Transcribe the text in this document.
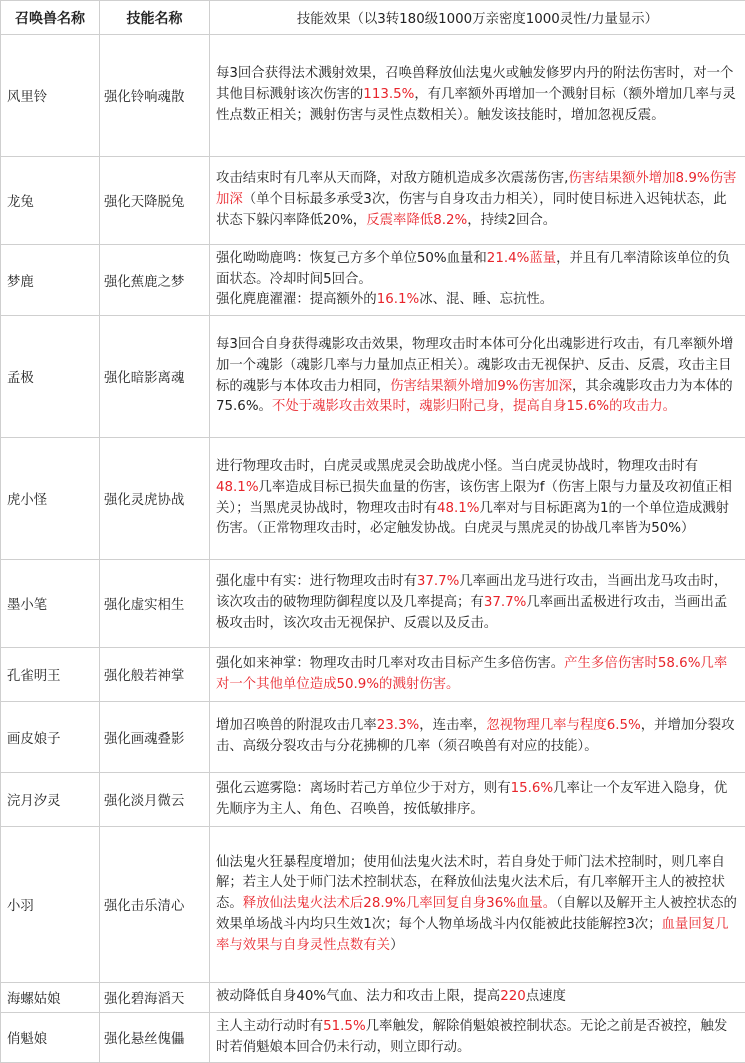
召唤兽名称	技能名称	技能效果（以3转180级1000万亲密度1000灵性/力量显示）
风里铃	强化铃响魂散	每3回合获得法术溅射效果，召唤兽释放仙法鬼火或触发修罗内丹的附法伤害时，对一个其他目标溅射该次伤害的113.5%，有几率额外再增加一个溅射目标（额外增加几率与灵性点数正相关；溅射伤害与灵性点数相关）。触发该技能时，增加忽视反震。
龙兔	强化天降脱兔	攻击结束时有几率从天而降，对敌方随机造成多次震荡伤害,伤害结果额外增加8.9%伤害加深（单个目标最多承受3次，伤害与自身攻击力相关），同时使目标进入迟钝状态，此状态下躲闪率降低20%，反震率降低8.2%，持续2回合。
梦鹿	强化蕉鹿之梦	强化呦呦鹿鸣：恢复己方多个单位50%血量和21.4%蓝量，并且有几率清除该单位的负面状态。冷却时间5回合。
强化麂鹿濯濯：提高额外的16.1%冰、混、睡、忘抗性。
孟极	强化暗影离魂	每3回合自身获得魂影攻击效果，物理攻击时本体可分化出魂影进行攻击，有几率额外增加一个魂影（魂影几率与力量加点正相关）。魂影攻击无视保护、反击、反震，攻击主目标的魂影与本体攻击力相同，伤害结果额外增加9%伤害加深，其余魂影攻击力为本体的75.6%。不处于魂影攻击效果时，魂影归附己身，提高自身15.6%的攻击力。
虎小怪	强化灵虎协战	进行物理攻击时，白虎灵或黑虎灵会助战虎小怪。当白虎灵协战时，物理攻击时有48.1%几率造成目标已损失血量的伤害，该伤害上限为f（伤害上限与力量及攻初值正相关）；当黑虎灵协战时，物理攻击时有48.1%几率对与目标距离为1的一个单位造成溅射伤害。（正常物理攻击时，必定触发协战。白虎灵与黑虎灵的协战几率皆为50%）
墨小笔	强化虚实相生	强化虚中有实：进行物理攻击时有37.7%几率画出龙马进行攻击，当画出龙马攻击时，该次攻击的破物理防御程度以及几率提高；有37.7%几率画出孟极进行攻击，当画出孟极攻击时，该次攻击无视保护、反震以及反击。
孔雀明王	强化般若神掌	强化如来神掌：物理攻击时几率对攻击目标产生多倍伤害。产生多倍伤害时58.6%几率对一个其他单位造成50.9%的溅射伤害。
画皮娘子	强化画魂叠影	增加召唤兽的附混攻击几率23.3%，连击率，忽视物理几率与程度6.5%，并增加分裂攻击、高级分裂攻击与分花拂柳的几率（须召唤兽有对应的技能）。
浣月汐灵	强化淡月微云	强化云遮雾隐：离场时若己方单位少于对方，则有15.6%几率让一个友军进入隐身，优先顺序为主人、角色、召唤兽，按低敏排序。
小羽	强化击乐清心	仙法鬼火狂暴程度增加；使用仙法鬼火法术时，若自身处于师门法术控制时，则几率自解；若主人处于师门法术控制状态，在释放仙法鬼火法术后，有几率解开主人的被控状态。释放仙法鬼火法术后28.9%几率回复自身36%血量。（自解以及解开主人被控状态的效果单场战斗内均只生效1次；每个人物单场战斗内仅能被此技能解控3次；血量回复几率与效果与自身灵性点数有关）
海螺姑娘	强化碧海滔天	被动降低自身40%气血、法力和攻击上限，提高220点速度
俏魁娘	强化悬丝傀儡	主人主动行动时有51.5%几率触发，解除俏魁娘被控制状态。无论之前是否被控，触发时若俏魁娘本回合仍未行动，则立即行动。
